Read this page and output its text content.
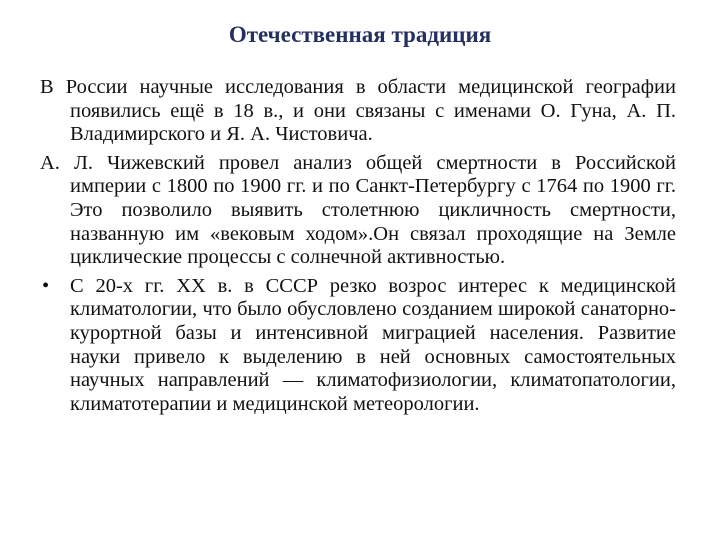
Отечественная традиция

В России научные исследования в области медицинской географии появились ещё в 18 в., и они связаны с именами О. Гуна, А. П. Владимирского и Я. А. Чистовича.

А. Л. Чижевский провел анализ общей смертности в Российской империи с 1800 по 1900 гг. и по Санкт-Петербургу с 1764 по 1900 гг. Это позволило выявить столетнюю цикличность смертности, названную им «вековым ходом».Он связал проходящие на Земле циклические процессы с солнечной активностью.

• С 20-х гг. XX в. в СССР резко возрос интерес к медицинской климатологии, что было обусловлено созданием широкой санаторно-курортной базы и интенсивной миграцией населения. Развитие науки привело к выделению в ней основных самостоятельных научных направлений — климатофизиологии, климатопатологии, климатотерапии и медицинской метеорологии.
